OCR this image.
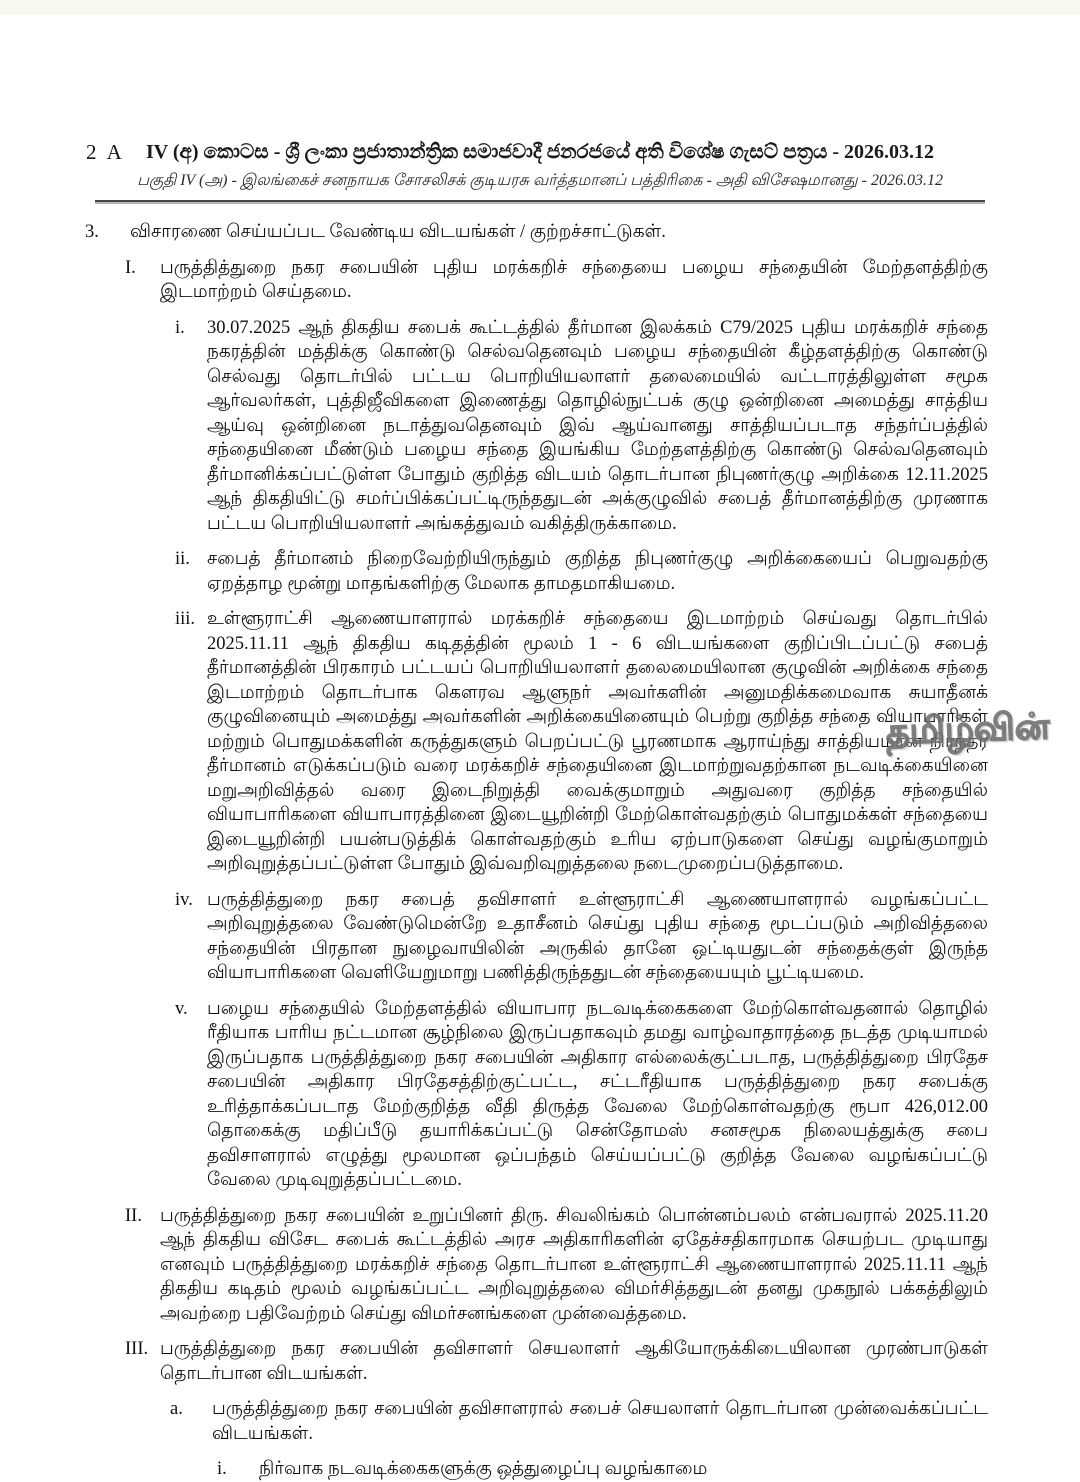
2 A	IV (අ) කොටස - ශ්‍රී ලංකා ප්‍රජාතාන්ත්‍රික සමාජවාදී ජනරජයේ අති විශේෂ ගැසට් පත්‍රය - 2026.03.12
பகுதி IV (அ) - இலங்கைச் சனநாயக சோசலிசக் குடியரசு வர்த்தமானப் பத்திரிகை - அதி விசேஷமானது - 2026.03.12
3.	விசாரணை செய்யப்பட வேண்டிய விடயங்கள் / குற்றச்சாட்டுகள்.
I.	பருத்தித்துறை நகர சபையின் புதிய மரக்கறிச் சந்தையை பழைய சந்தையின் மேற்தளத்திற்கு இடமாற்றம் செய்தமை.
i.	30.07.2025 ஆந் திகதிய சபைக் கூட்டத்தில் தீர்மான இலக்கம் C79/2025 புதிய மரக்கறிச் சந்தை நகரத்தின் மத்திக்கு கொண்டு செல்வதெனவும் பழைய சந்தையின் கீழ்தளத்திற்கு கொண்டு செல்வது தொடர்பில் பட்டய பொறியியலாளர் தலைமையில் வட்டாரத்திலுள்ள சமூக ஆர்வலர்கள், புத்திஜீவிகளை இணைத்து தொழில்நுட்பக் குழு ஒன்றினை அமைத்து சாத்திய ஆய்வு ஒன்றினை நடாத்துவதெனவும் இவ் ஆய்வானது சாத்தியப்படாத சந்தர்ப்பத்தில் சந்தையினை மீண்டும் பழைய சந்தை இயங்கிய மேற்தளத்திற்கு கொண்டு செல்வதெனவும் தீர்மானிக்கப்பட்டுள்ள போதும் குறித்த விடயம் தொடர்பான நிபுணர்குழு அறிக்கை 12.11.2025 ஆந் திகதியிட்டு சமர்ப்பிக்கப்பட்டிருந்ததுடன் அக்குழுவில் சபைத் தீர்மானத்திற்கு முரணாக பட்டய பொறியியலாளர் அங்கத்துவம் வகித்திருக்காமை.
ii. சபைத் தீர்மானம் நிறைவேற்றியிருந்தும் குறித்த நிபுணர்குழு அறிக்கையைப் பெறுவதற்கு ஏறத்தாழ மூன்று மாதங்களிற்கு மேலாக தாமதமாகியமை.
iii. உள்ளூராட்சி ஆணையாளரால் மரக்கறிச் சந்தையை இடமாற்றம் செய்வது தொடர்பில் 2025.11.11 ஆந் திகதிய கடிதத்தின் மூலம் 1 - 6 விடயங்களை குறிப்பிடப்பட்டு சபைத் தீர்மானத்தின் பிரகாரம் பட்டயப் பொறியியலாளர் தலைமையிலான குழுவின் அறிக்கை சந்தை இடமாற்றம் தொடர்பாக கௌரவ ஆளுநர் அவர்களின் அனுமதிக்கமைவாக சுயாதீனக் குழுவினையும் அமைத்து அவர்களின் அறிக்கையினையும் பெற்று குறித்த சந்தை வியாபாரிகள் மற்றும் பொதுமக்களின் கருத்துகளும் பெறப்பட்டு பூரணமாக ஆராய்ந்து சாத்தியமான நிரந்தர தீர்மானம் எடுக்கப்படும் வரை மரக்கறிச் சந்தையினை இடமாற்றுவதற்கான நடவடிக்கையினை மறுஅறிவித்தல் வரை இடைநிறுத்தி வைக்குமாறும் அதுவரை குறித்த சந்தையில் வியாபாரிகளை வியாபாரத்தினை இடையூறின்றி மேற்கொள்வதற்கும் பொதுமக்கள் சந்தையை இடையூறின்றி பயன்படுத்திக் கொள்வதற்கும் உரிய ஏற்பாடுகளை செய்து வழங்குமாறும் அறிவுறுத்தப்பட்டுள்ள போதும் இவ்வறிவுறுத்தலை நடைமுறைப்படுத்தாமை.
iv. பருத்தித்துறை நகர சபைத் தவிசாளர் உள்ளூராட்சி ஆணையாளரால் வழங்கப்பட்ட அறிவுறுத்தலை வேண்டுமென்றே உதாசீனம் செய்து புதிய சந்தை மூடப்படும் அறிவித்தலை சந்தையின் பிரதான நுழைவாயிலின் அருகில் தானே ஒட்டியதுடன் சந்தைக்குள் இருந்த வியாபாரிகளை வெளியேறுமாறு பணித்திருந்ததுடன் சந்தையையும் பூட்டியமை.
v.	பழைய சந்தையில் மேற்தளத்தில் வியாபார நடவடிக்கைகளை மேற்கொள்வதனால் தொழில் ரீதியாக பாரிய நட்டமான சூழ்நிலை இருப்பதாகவும் தமது வாழ்வாதாரத்தை நடத்த முடியாமல் இருப்பதாக பருத்தித்துறை நகர சபையின் அதிகார எல்லைக்குட்படாத, பருத்தித்துறை பிரதேச சபையின் அதிகார பிரதேசத்திற்குட்பட்ட, சட்டரீதியாக பருத்தித்துறை நகர சபைக்கு உரித்தாக்கப்படாத மேற்குறித்த வீதி திருத்த வேலை மேற்கொள்வதற்கு ரூபா 426,012.00 தொகைக்கு மதிப்பீடு தயாரிக்கப்பட்டு சென்தோமஸ் சனசமூக நிலையத்துக்கு சபை தவிசாளரால் எழுத்து மூலமான ஒப்பந்தம் செய்யப்பட்டு குறித்த வேலை வழங்கப்பட்டு வேலை முடிவுறுத்தப்பட்டமை.
II. பருத்தித்துறை நகர சபையின் உறுப்பினர் திரு. சிவலிங்கம் பொன்னம்பலம் என்பவரால் 2025.11.20 ஆந் திகதிய விசேட சபைக் கூட்டத்தில் அரச அதிகாரிகளின் ஏதேச்சதிகாரமாக செயற்பட முடியாது எனவும் பருத்தித்துறை மரக்கறிச் சந்தை தொடர்பான உள்ளூராட்சி ஆணையாளரால் 2025.11.11 ஆந் திகதிய கடிதம் மூலம் வழங்கப்பட்ட அறிவுறுத்தலை விமர்சித்ததுடன் தனது முகநூல் பக்கத்திலும் அவற்றை பதிவேற்றம் செய்து விமர்சனங்களை முன்வைத்தமை.
III. பருத்தித்துறை நகர சபையின் தவிசாளர் செயலாளர் ஆகியோருக்கிடையிலான முரண்பாடுகள் தொடர்பான விடயங்கள்.
a.	பருத்தித்துறை நகர சபையின் தவிசாளரால் சபைச் செயலாளர் தொடர்பான முன்வைக்கப்பட்ட விடயங்கள்.
i.	நிர்வாக நடவடிக்கைகளுக்கு ஒத்துழைப்பு வழங்காமை
தமிழ்வின்
